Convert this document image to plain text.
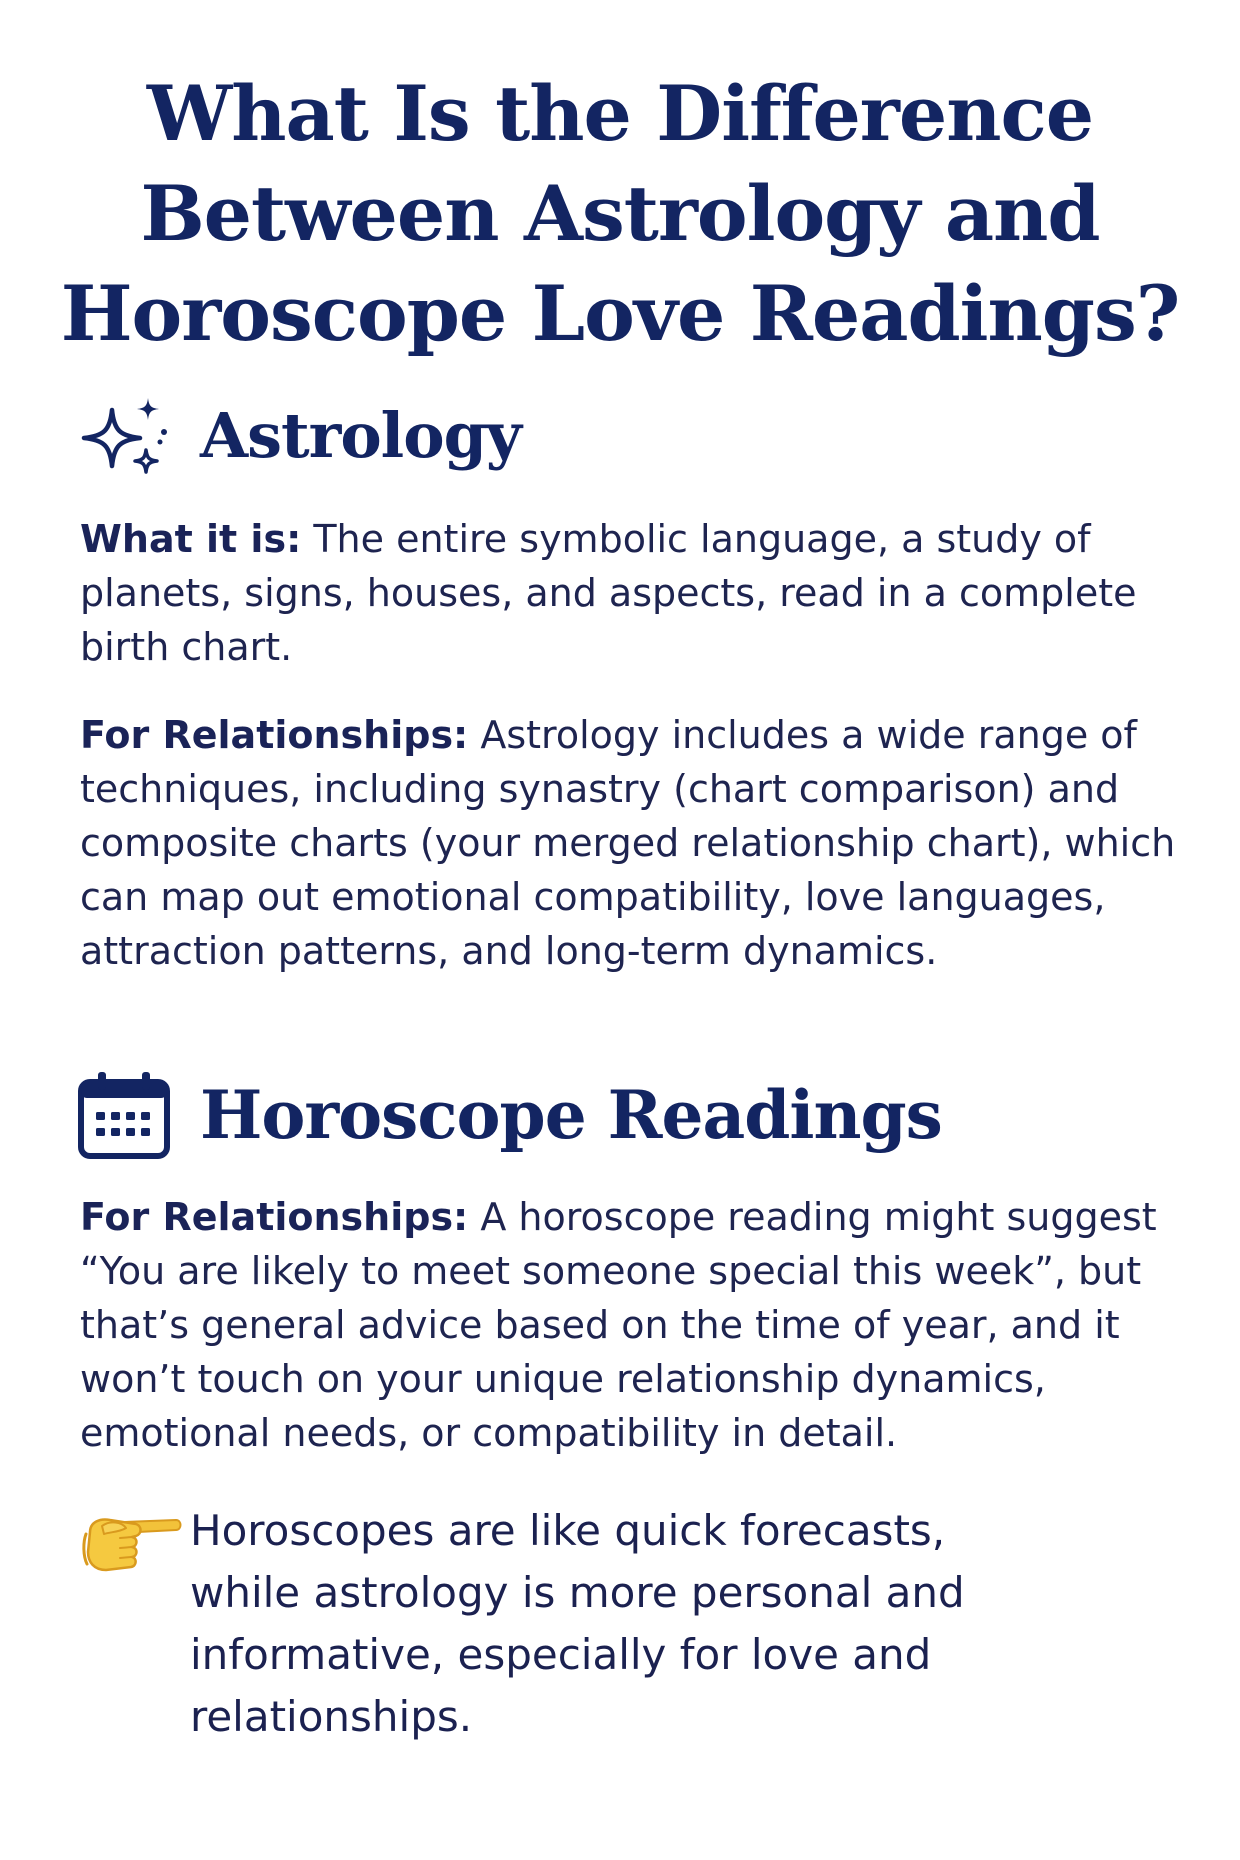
What Is the Difference Between Astrology and Horoscope Love Readings?
Astrology

What it is: The entire symbolic language, a study of planets, signs, houses, and aspects, read in a complete birth chart.

For Relationships: Astrology includes a wide range of techniques, including synastry (chart comparison) and composite charts (your merged relationship chart), which can map out emotional compatibility, love languages, attraction patterns, and long-term dynamics.

Horoscope Readings

For Relationships: A horoscope reading might suggest “You are likely to meet someone special this week”, but that’s general advice based on the time of year, and it won’t touch on your unique relationship dynamics, emotional needs, or compatibility in detail.

Horoscopes are like quick forecasts, while astrology is more personal and informative, especially for love and relationships.
